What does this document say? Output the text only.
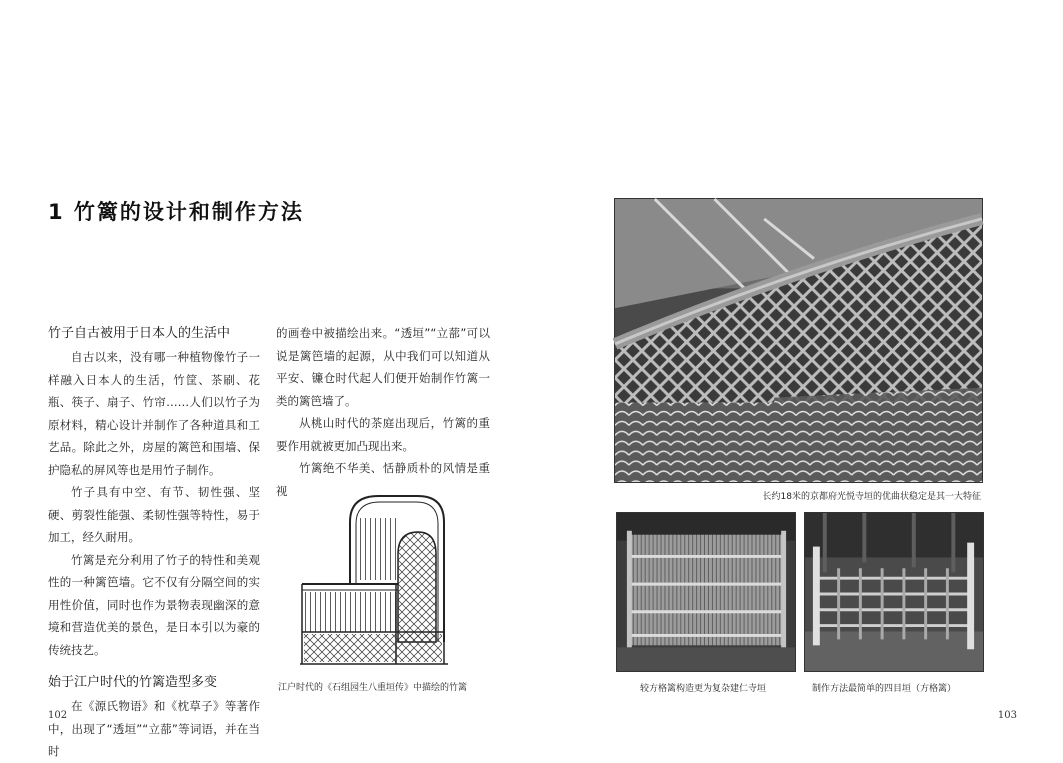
1 竹篱的设计和制作方法
竹子自古被用于日本人的生活中
自古以来，没有哪一种植物像竹子一样融入日本人的生活，竹筐、茶刷、花瓶、筷子、扇子、竹帘……人们以竹子为原材料，精心设计并制作了各种道具和工艺品。除此之外，房屋的篱笆和围墙、保护隐私的屏风等也是用竹子制作。
竹子具有中空、有节、韧性强、坚硬、剪裂性能强、柔韧性强等特性，易于加工，经久耐用。
竹篱是充分利用了竹子的特性和美观性的一种篱笆墙。它不仅有分隔空间的实用性价值，同时也作为景物表现幽深的意境和营造优美的景色，是日本引以为豪的传统技艺。
始于江户时代的竹篱造型多变
在《源氏物语》和《枕草子》等著作中，出现了“透垣”“立蔀”等词语，并在当时
的画卷中被描绘出来。“透垣”“立蔀”可以说是篱笆墙的起源，从中我们可以知道从平安、镰仓时代起人们便开始制作竹篱一类的篱笆墙了。
从桃山时代的茶庭出现后，竹篱的重要作用就被更加凸现出来。
竹篱绝不华美、恬静质朴的风情是重视
江户时代的《石组园生八重垣传》中描绘的竹篱
长约18米的京都府光悦寺垣的优曲状稳定是其一大特征
较方格篱构造更为复杂建仁寺垣	制作方法最简单的四目垣（方格篱）
102	103
